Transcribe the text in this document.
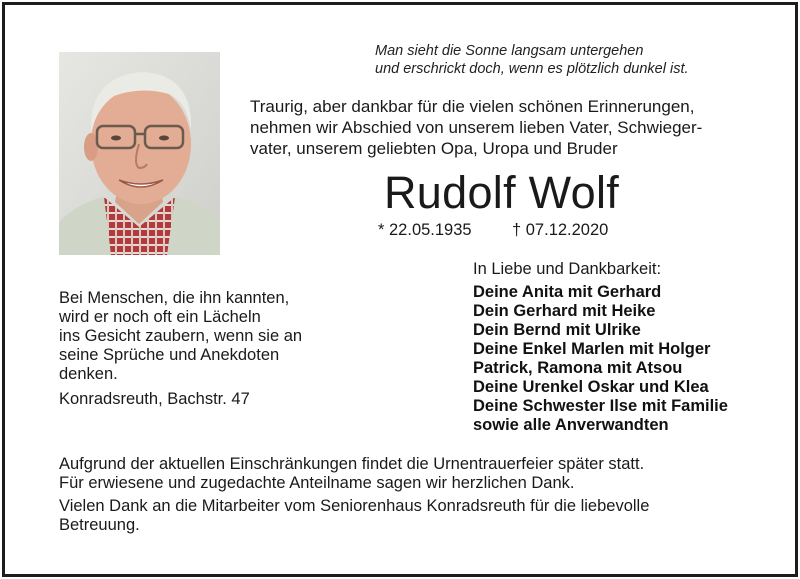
Man sieht die Sonne langsam untergehen
und erschrickt doch, wenn es plötzlich dunkel ist.
Traurig, aber dankbar für die vielen schönen Erinnerungen,
nehmen wir Abschied von unserem lieben Vater, Schwieger-
vater, unserem geliebten Opa, Uropa und Bruder
Rudolf Wolf
* 22.05.1935 † 07.12.2020
Bei Menschen, die ihn kannten,
wird er noch oft ein Lächeln
ins Gesicht zaubern, wenn sie an
seine Sprüche und Anekdoten
denken.
Konradsreuth, Bachstr. 47
In Liebe und Dankbarkeit:
Deine Anita mit Gerhard
Dein Gerhard mit Heike
Dein Bernd mit Ulrike
Deine Enkel Marlen mit Holger
Patrick, Ramona mit Atsou
Deine Urenkel Oskar und Klea
Deine Schwester Ilse mit Familie
sowie alle Anverwandten

Aufgrund der aktuellen Einschränkungen findet die Urnentrauerfeier später statt.

Für erwiesene und zugedachte Anteilname sagen wir herzlichen Dank.

Vielen Dank an die Mitarbeiter vom Seniorenhaus Konradsreuth für die liebevolle

Betreuung.
